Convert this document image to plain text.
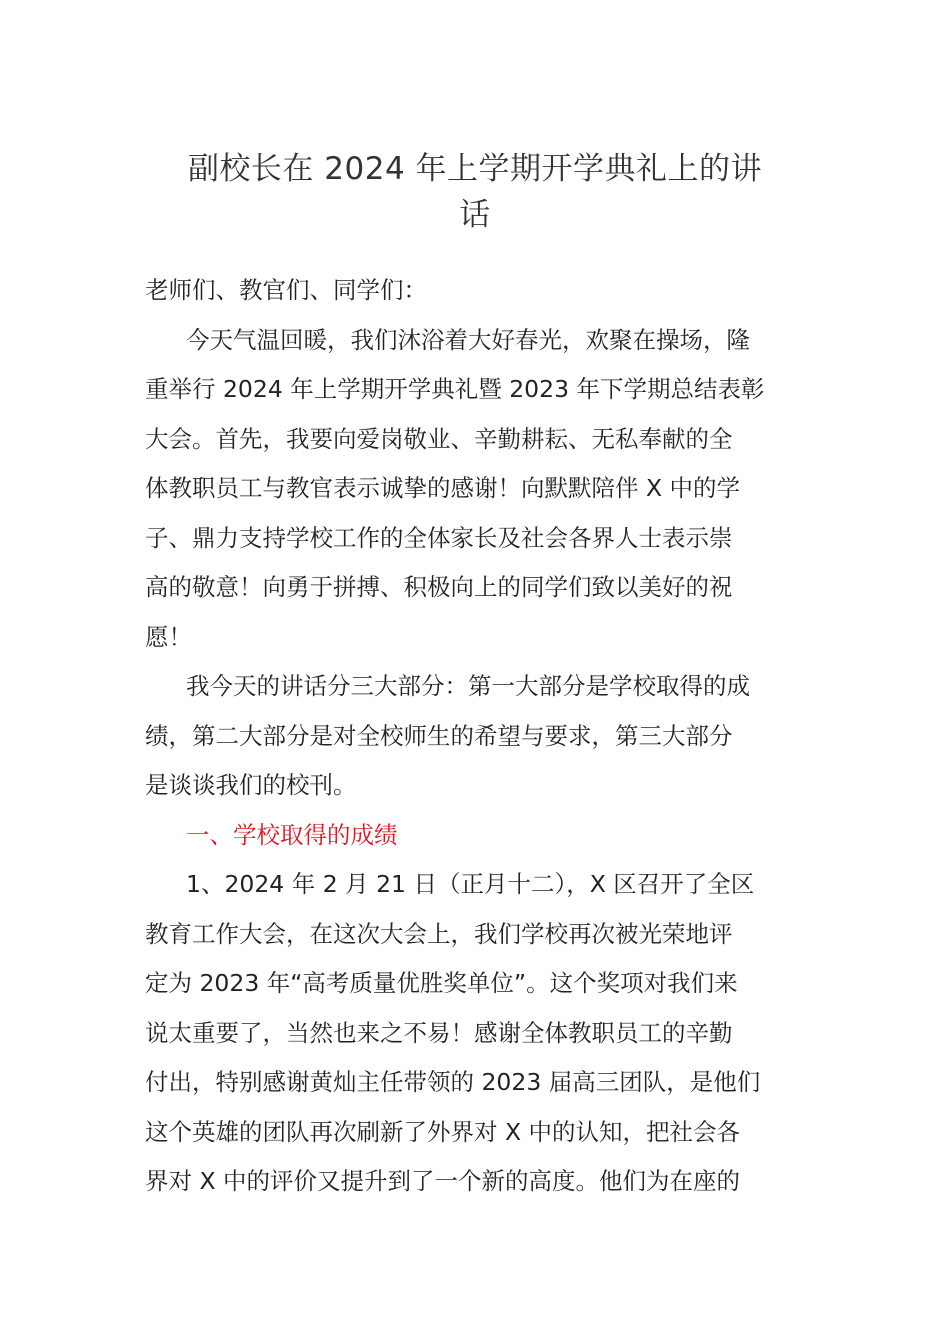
副校长在 2024 年上学期开学典礼上的讲
话

老师们、教官们、同学们：

今天气温回暖，我们沐浴着大好春光，欢聚在操场，隆
重举行 2024 年上学期开学典礼暨 2023 年下学期总结表彰
大会。首先，我要向爱岗敬业、辛勤耕耘、无私奉献的全
体教职员工与教官表示诚挚的感谢！向默默陪伴 X 中的学
子、鼎力支持学校工作的全体家长及社会各界人士表示崇
高的敬意！向勇于拼搏、积极向上的同学们致以美好的祝
愿！

我今天的讲话分三大部分：第一大部分是学校取得的成
绩，第二大部分是对全校师生的希望与要求，第三大部分
是谈谈我们的校刊。

一、学校取得的成绩

1、2024 年 2 月 21 日（正月十二），X 区召开了全区
教育工作大会，在这次大会上，我们学校再次被光荣地评
定为 2023 年“高考质量优胜奖单位”。这个奖项对我们来
说太重要了，当然也来之不易！感谢全体教职员工的辛勤
付出，特别感谢黄灿主任带领的 2023 届高三团队，是他们
这个英雄的团队再次刷新了外界对 X 中的认知，把社会各
界对 X 中的评价又提升到了一个新的高度。他们为在座的
